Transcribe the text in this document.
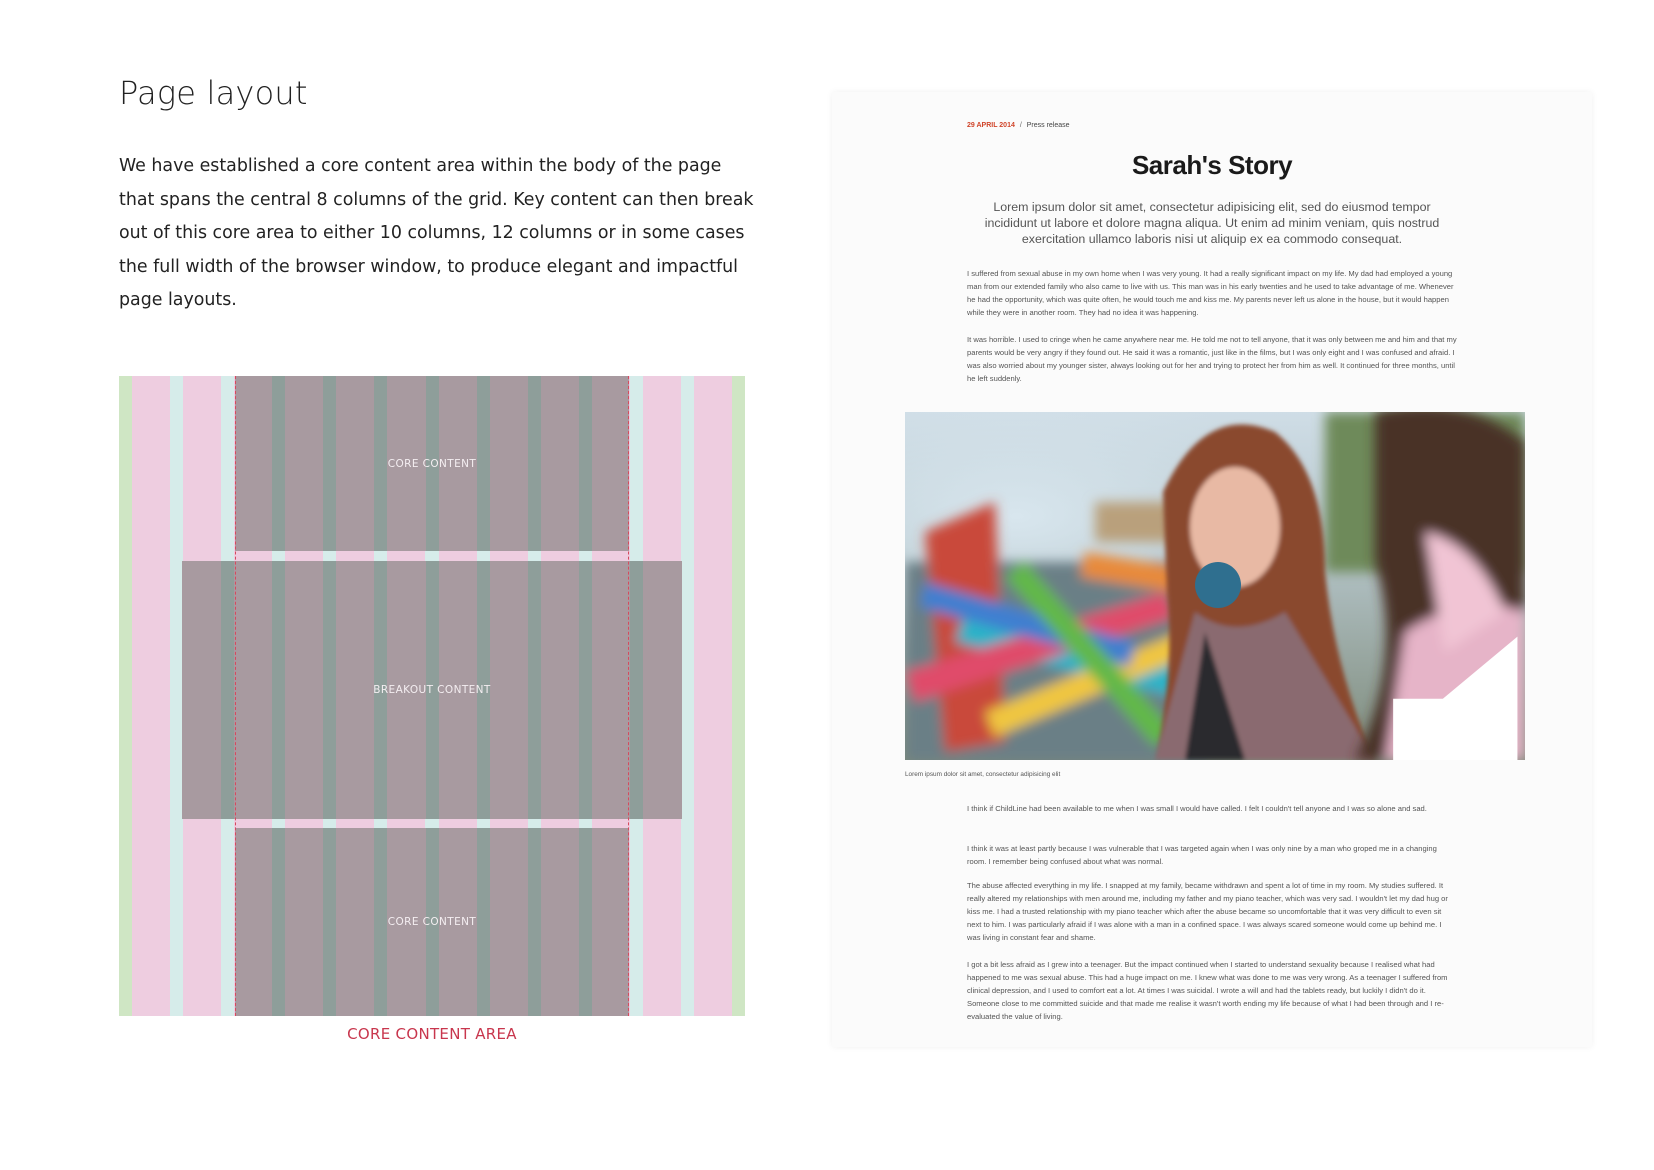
Page layout

We have established a core content area within the body of the page that spans the central 8 columns of the grid. Key content can then break out of this core area to either 10 columns, 12 columns or in some cases the full width of the browser window, to produce elegant and impactful page layouts.

CORE CONTENT
BREAKOUT CONTENT
CORE CONTENT
CORE CONTENT AREA
29 APRIL 2014 / Press release
Sarah's Story

Lorem ipsum dolor sit amet, consectetur adipisicing elit, sed do eiusmod tempor incididunt ut labore et dolore magna aliqua. Ut enim ad minim veniam, quis nostrud exercitation ullamco laboris nisi ut aliquip ex ea commodo consequat.

I suffered from sexual abuse in my own home when I was very young. It had a really significant impact on my life. My dad had employed a young man from our extended family who also came to live with us. This man was in his early twenties and he used to take advantage of me. Whenever he had the opportunity, which was quite often, he would touch me and kiss me. My parents never left us alone in the house, but it would happen while they were in another room. They had no idea it was happening.

It was horrible. I used to cringe when he came anywhere near me. He told me not to tell anyone, that it was only between me and him and that my parents would be very angry if they found out. He said it was a romantic, just like in the films, but I was only eight and I was confused and afraid. I was also worried about my younger sister, always looking out for her and trying to protect her from him as well. It continued for three months, until he left suddenly.

Lorem ipsum dolor sit amet, consectetur adipisicing elit

I think if ChildLine had been available to me when I was small I would have called. I felt I couldn't tell anyone and I was so alone and sad.

I think it was at least partly because I was vulnerable that I was targeted again when I was only nine by a man who groped me in a changing room. I remember being confused about what was normal.

The abuse affected everything in my life. I snapped at my family, became withdrawn and spent a lot of time in my room. My studies suffered. It really altered my relationships with men around me, including my father and my piano teacher, which was very sad. I wouldn't let my dad hug or kiss me. I had a trusted relationship with my piano teacher which after the abuse became so uncomfortable that it was very difficult to even sit next to him. I was particularly afraid if I was alone with a man in a confined space. I was always scared someone would come up behind me. I was living in constant fear and shame.

I got a bit less afraid as I grew into a teenager. But the impact continued when I started to understand sexuality because I realised what had happened to me was sexual abuse. This had a huge impact on me. I knew what was done to me was very wrong. As a teenager I suffered from clinical depression, and I used to comfort eat a lot. At times I was suicidal. I wrote a will and had the tablets ready, but luckily I didn't do it. Someone close to me committed suicide and that made me realise it wasn't worth ending my life because of what I had been through and I re-evaluated the value of living.
